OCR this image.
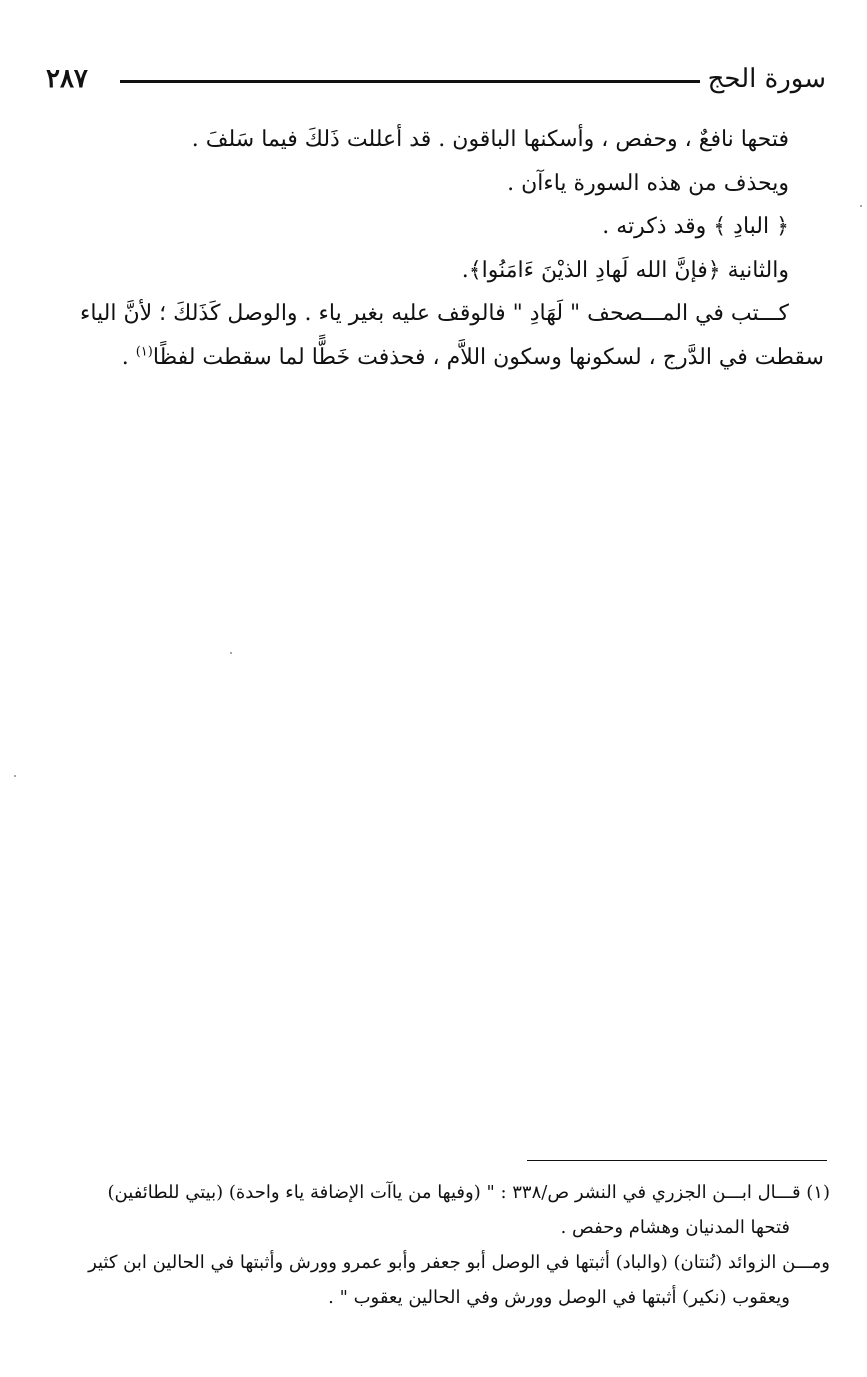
٢٨٧	سورة الحج

فتحها نافعٌ ، وحفص ، وأسكنها الباقون . قد أعللت ذَلكَ فيما سَلفَ .

ويحذف من هذه السورة ياءآن .

﴿ البادِ ﴾ وقد ذكرته .

والثانية ﴿فإنَّ الله لَهادِ الذيْنَ ءَامَنُوا﴾.

كـــتب في المـــصحف " لَهَادِ " فالوقف عليه بغير ياء . والوصل كَذَلكَ ؛ لأنَّ الياء

سقطت في الدَّرج ، لسكونها وسكون اللاَّم ، فحذفت خَطًّا لما سقطت لفظًا$^{(١)}$ .

(١) قـــال ابـــن الجزري في النشر ص/٣٣٨ : " (وفيها من ياآت الإضافة ياء واحدة) (بيتي للطائفين)

فتحها المدنيان وهشام وحفص .

ومـــن الزوائد (نُنتان) (والباد) أثبتها في الوصل أبو جعفر وأبو عمرو وورش وأثبتها في الحالين ابن كثير

ويعقوب (نكير) أثبتها في الوصل وورش وفي الحالين يعقوب " .
